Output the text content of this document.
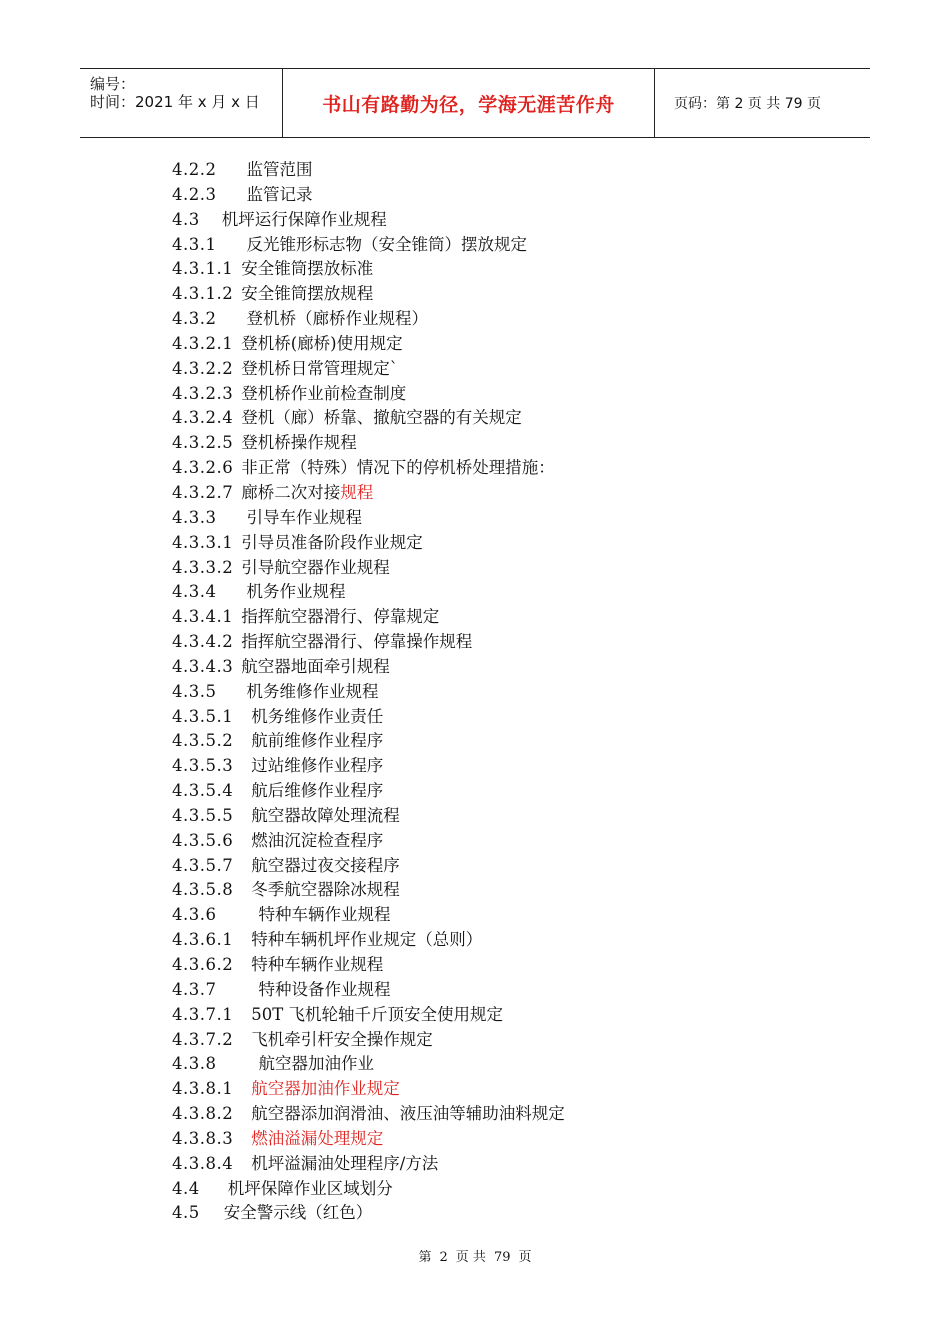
编号：
时间：2021 年 x 月 x 日	书山有路勤为径，学海无涯苦作舟	页码：第 2 页 共 79 页
4.2.2 监管范围
4.2.3 监管记录
4.3 机坪运行保障作业规程
4.3.1 反光锥形标志物（安全锥筒）摆放规定
4.3.1.1 安全锥筒摆放标准
4.3.1.2 安全锥筒摆放规程
4.3.2 登机桥（廊桥作业规程）
4.3.2.1 登机桥(廊桥)使用规定
4.3.2.2 登机桥日常管理规定`
4.3.2.3 登机桥作业前检查制度
4.3.2.4 登机（廊）桥靠、撤航空器的有关规定
4.3.2.5 登机桥操作规程
4.3.2.6 非正常（特殊）情况下的停机桥处理措施：
4.3.2.7 廊桥二次对接规程
4.3.3 引导车作业规程
4.3.3.1 引导员准备阶段作业规定
4.3.3.2 引导航空器作业规程
4.3.4 机务作业规程
4.3.4.1 指挥航空器滑行、停靠规定
4.3.4.2 指挥航空器滑行、停靠操作规程
4.3.4.3 航空器地面牵引规程
4.3.5 机务维修作业规程
4.3.5.1 机务维修作业责任
4.3.5.2 航前维修作业程序
4.3.5.3 过站维修作业程序
4.3.5.4 航后维修作业程序
4.3.5.5 航空器故障处理流程
4.3.5.6 燃油沉淀检查程序
4.3.5.7 航空器过夜交接程序
4.3.5.8 冬季航空器除冰规程
4.3.6	特种车辆作业规程
4.3.6.1 特种车辆机坪作业规定（总则）
4.3.6.2 特种车辆作业规程
4.3.7	特种设备作业规程
4.3.7.1 50T 飞机轮轴千斤顶安全使用规定
4.3.7.2 飞机牵引杆安全操作规定
4.3.8	航空器加油作业
4.3.8.1 航空器加油作业规定
4.3.8.2 航空器添加润滑油、液压油等辅助油料规定
4.3.8.3 燃油溢漏处理规定
4.3.8.4 机坪溢漏油处理程序/方法
4.4 机坪保障作业区域划分
4.5 安全警示线（红色）
第 2 页 共 79 页
